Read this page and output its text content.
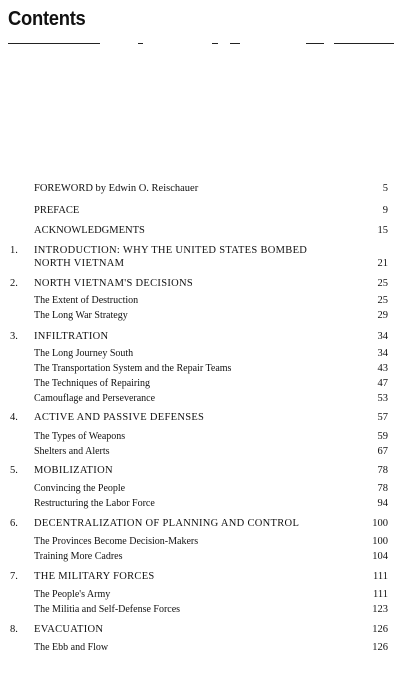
Contents
FOREWORD by Edwin O. Reischauer	5
PREFACE	9
ACKNOWLEDGMENTS	15
1. INTRODUCTION: WHY THE UNITED STATES BOMBED
NORTH VIETNAM	21
2. NORTH VIETNAM'S DECISIONS	25
The Extent of Destruction	25
The Long War Strategy	29
3. INFILTRATION	34
The Long Journey South	34
The Transportation System and the Repair Teams	43
The Techniques of Repairing	47
Camouflage and Perseverance	53
4. ACTIVE AND PASSIVE DEFENSES	57
The Types of Weapons	59
Shelters and Alerts	67
5. MOBILIZATION	78
Convincing the People	78
Restructuring the Labor Force	94
6. DECENTRALIZATION OF PLANNING AND CONTROL	100
The Provinces Become Decision-Makers	100
Training More Cadres	104
7. THE MILITARY FORCES	111
The People's Army	111
The Militia and Self-Defense Forces	123
8. EVACUATION	126
The Ebb and Flow	126
